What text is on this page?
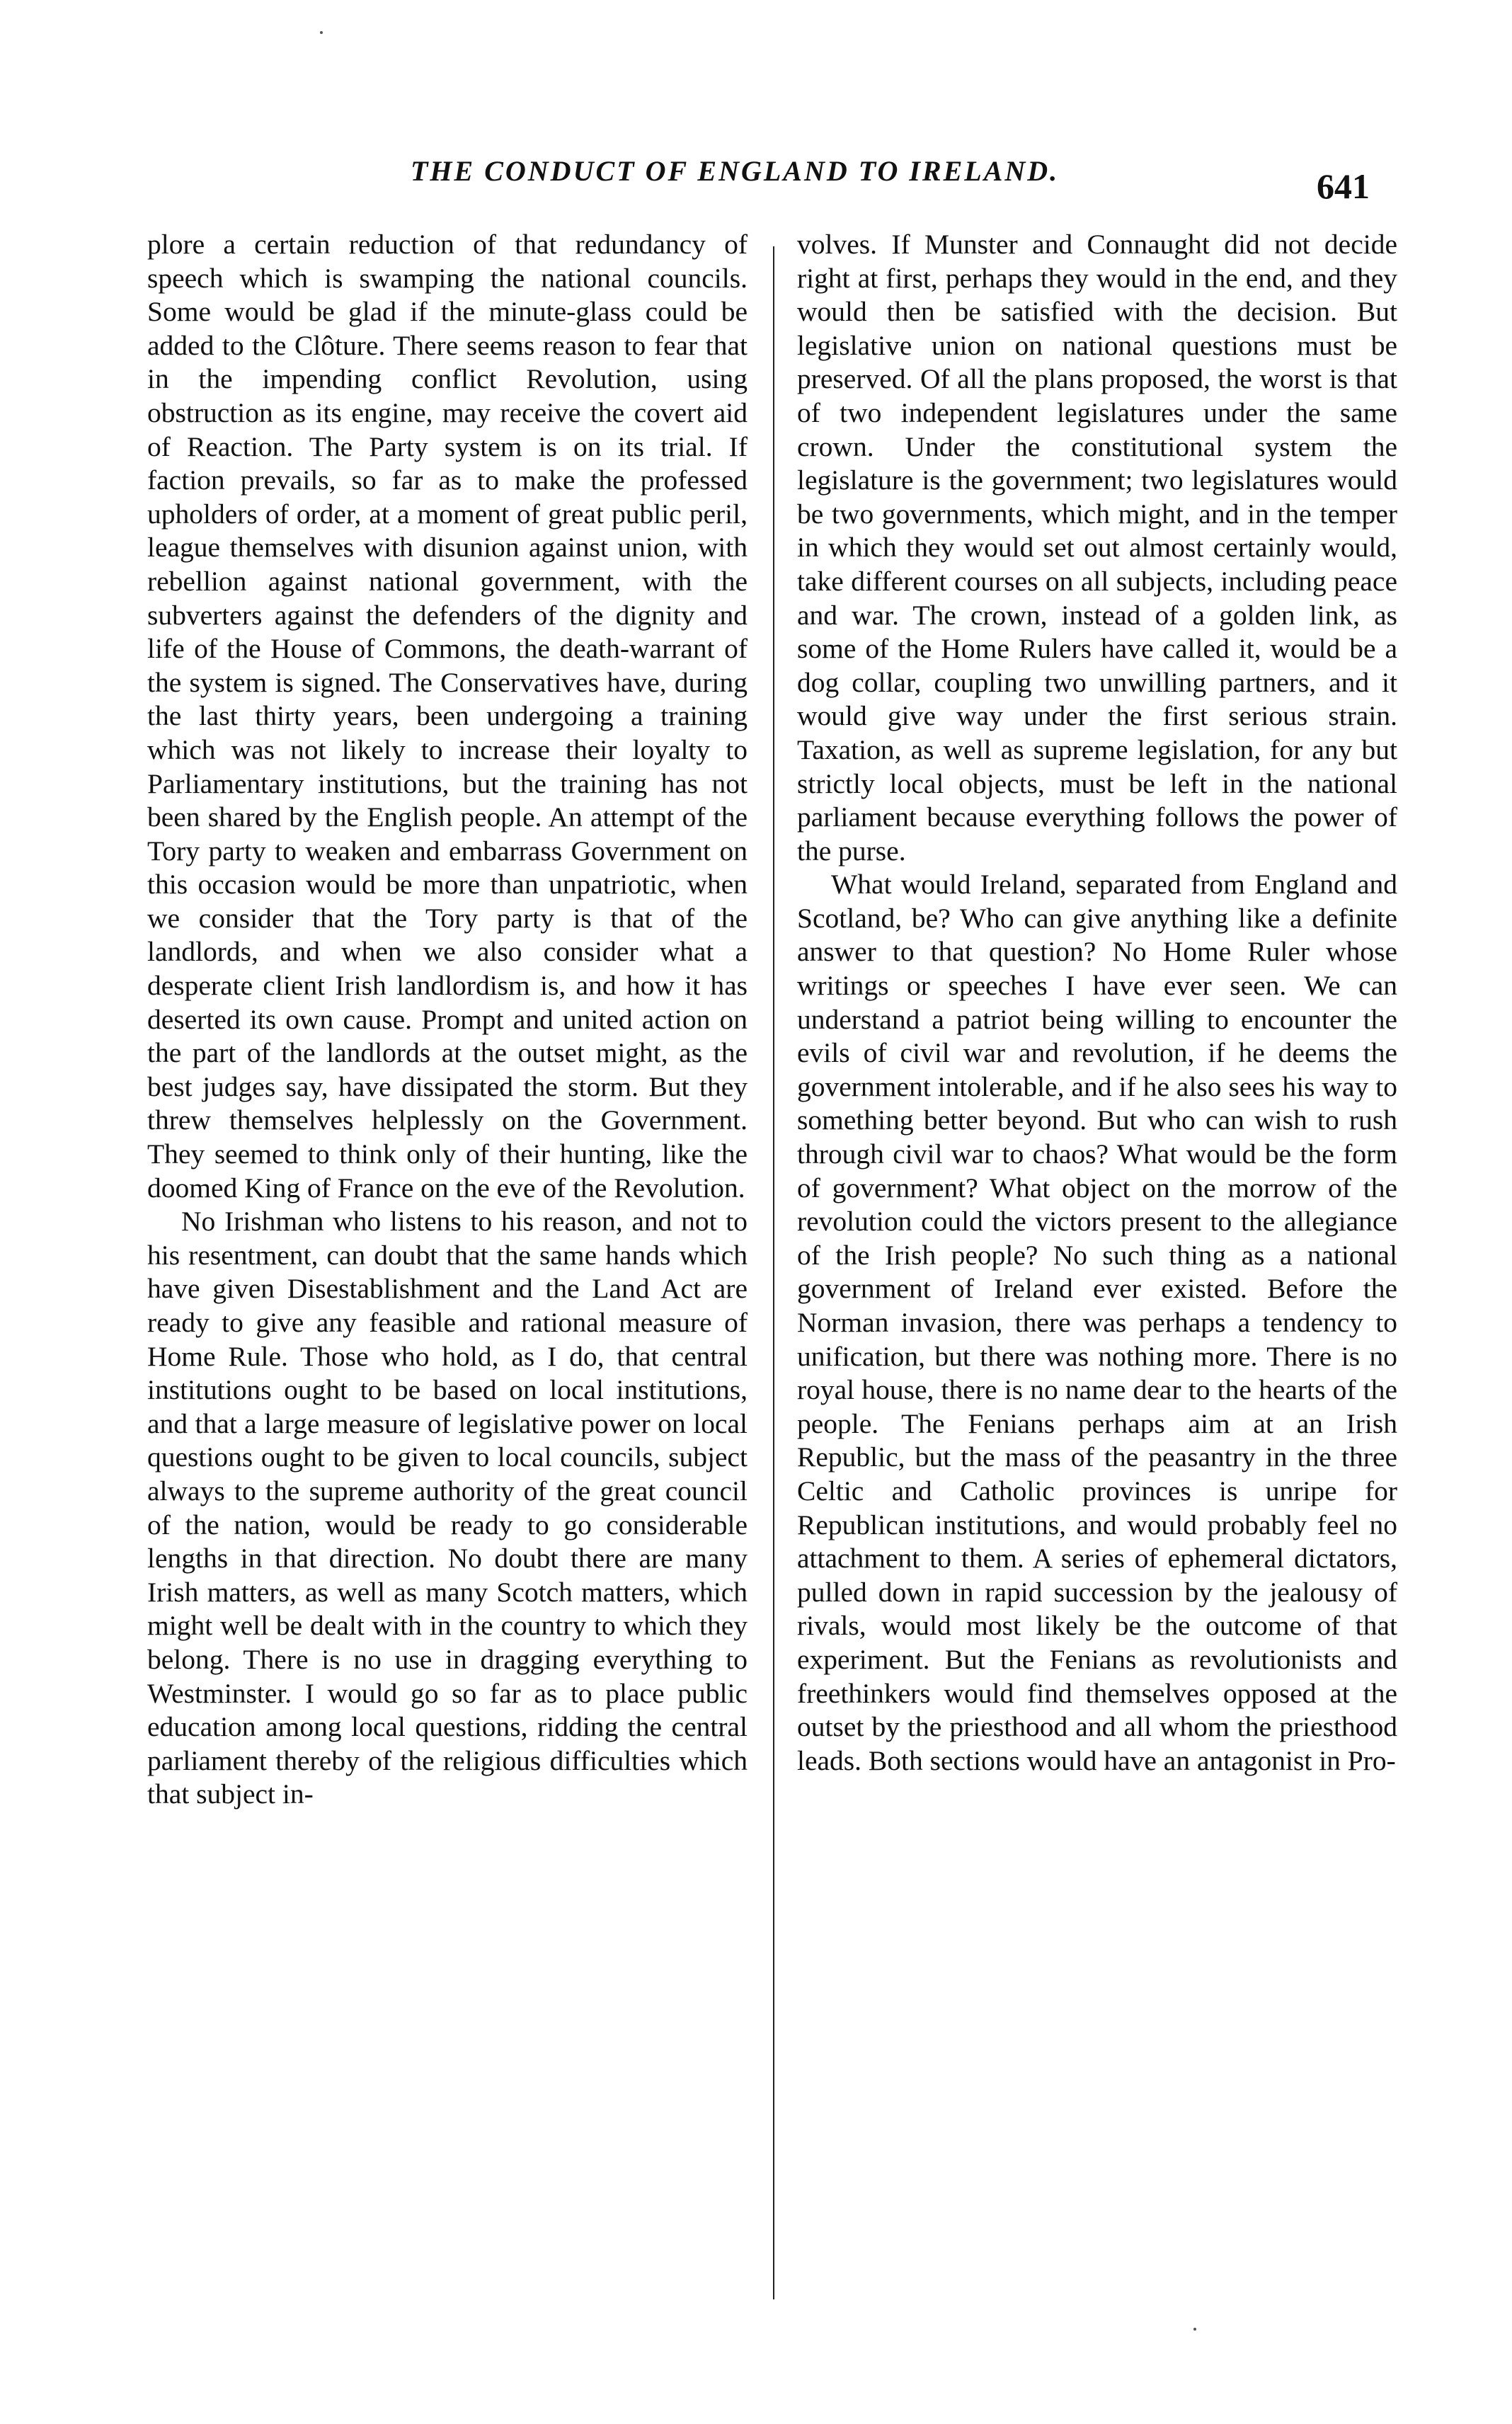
THE CONDUCT OF ENGLAND TO IRELAND.	641

plore a certain reduction of that redundancy of speech which is swamping the national councils. Some would be glad if the minute-glass could be added to the Clôture. There seems reason to fear that in the impending conflict Revolution, using obstruction as its engine, may receive the covert aid of Reaction. The Party system is on its trial. If faction prevails, so far as to make the professed upholders of order, at a moment of great public peril, league themselves with disunion against union, with rebellion against national government, with the subverters against the defenders of the dignity and life of the House of Commons, the death-warrant of the system is signed. The Conservatives have, during the last thirty years, been undergoing a training which was not likely to increase their loyalty to Parliamentary institutions, but the training has not been shared by the English people. An attempt of the Tory party to weaken and embarrass Government on this occasion would be more than unpatriotic, when we consider that the Tory party is that of the landlords, and when we also consider what a desperate client Irish landlordism is, and how it has deserted its own cause. Prompt and united action on the part of the landlords at the outset might, as the best judges say, have dissipated the storm. But they threw themselves helplessly on the Government. They seemed to think only of their hunting, like the doomed King of France on the eve of the Revolution.

No Irishman who listens to his reason, and not to his resentment, can doubt that the same hands which have given Disestablishment and the Land Act are ready to give any feasible and rational measure of Home Rule. Those who hold, as I do, that central institutions ought to be based on local institutions, and that a large measure of legislative power on local questions ought to be given to local councils, subject always to the supreme authority of the great council of the nation, would be ready to go considerable lengths in that direction. No doubt there are many Irish matters, as well as many Scotch matters, which might well be dealt with in the country to which they belong. There is no use in dragging everything to Westminster. I would go so far as to place public education among local questions, ridding the central parliament thereby of the religious difficulties which that subject in-

volves. If Munster and Connaught did not decide right at first, perhaps they would in the end, and they would then be satisfied with the decision. But legislative union on national questions must be preserved. Of all the plans proposed, the worst is that of two independent legislatures under the same crown. Under the constitutional system the legislature is the government; two legislatures would be two governments, which might, and in the temper in which they would set out almost certainly would, take different courses on all subjects, including peace and war. The crown, instead of a golden link, as some of the Home Rulers have called it, would be a dog collar, coupling two unwilling partners, and it would give way under the first serious strain. Taxation, as well as supreme legislation, for any but strictly local objects, must be left in the national parliament because everything follows the power of the purse.

What would Ireland, separated from England and Scotland, be? Who can give anything like a definite answer to that question? No Home Ruler whose writings or speeches I have ever seen. We can understand a patriot being willing to encounter the evils of civil war and revolution, if he deems the government intolerable, and if he also sees his way to something better beyond. But who can wish to rush through civil war to chaos? What would be the form of government? What object on the morrow of the revolution could the victors present to the allegiance of the Irish people? No such thing as a national government of Ireland ever existed. Before the Norman invasion, there was perhaps a tendency to unification, but there was nothing more. There is no royal house, there is no name dear to the hearts of the people. The Fenians perhaps aim at an Irish Republic, but the mass of the peasantry in the three Celtic and Catholic provinces is unripe for Republican institutions, and would probably feel no attachment to them. A series of ephemeral dictators, pulled down in rapid succession by the jealousy of rivals, would most likely be the outcome of that experiment. But the Fenians as revolutionists and freethinkers would find themselves opposed at the outset by the priesthood and all whom the priesthood leads. Both sections would have an antagonist in Pro-
